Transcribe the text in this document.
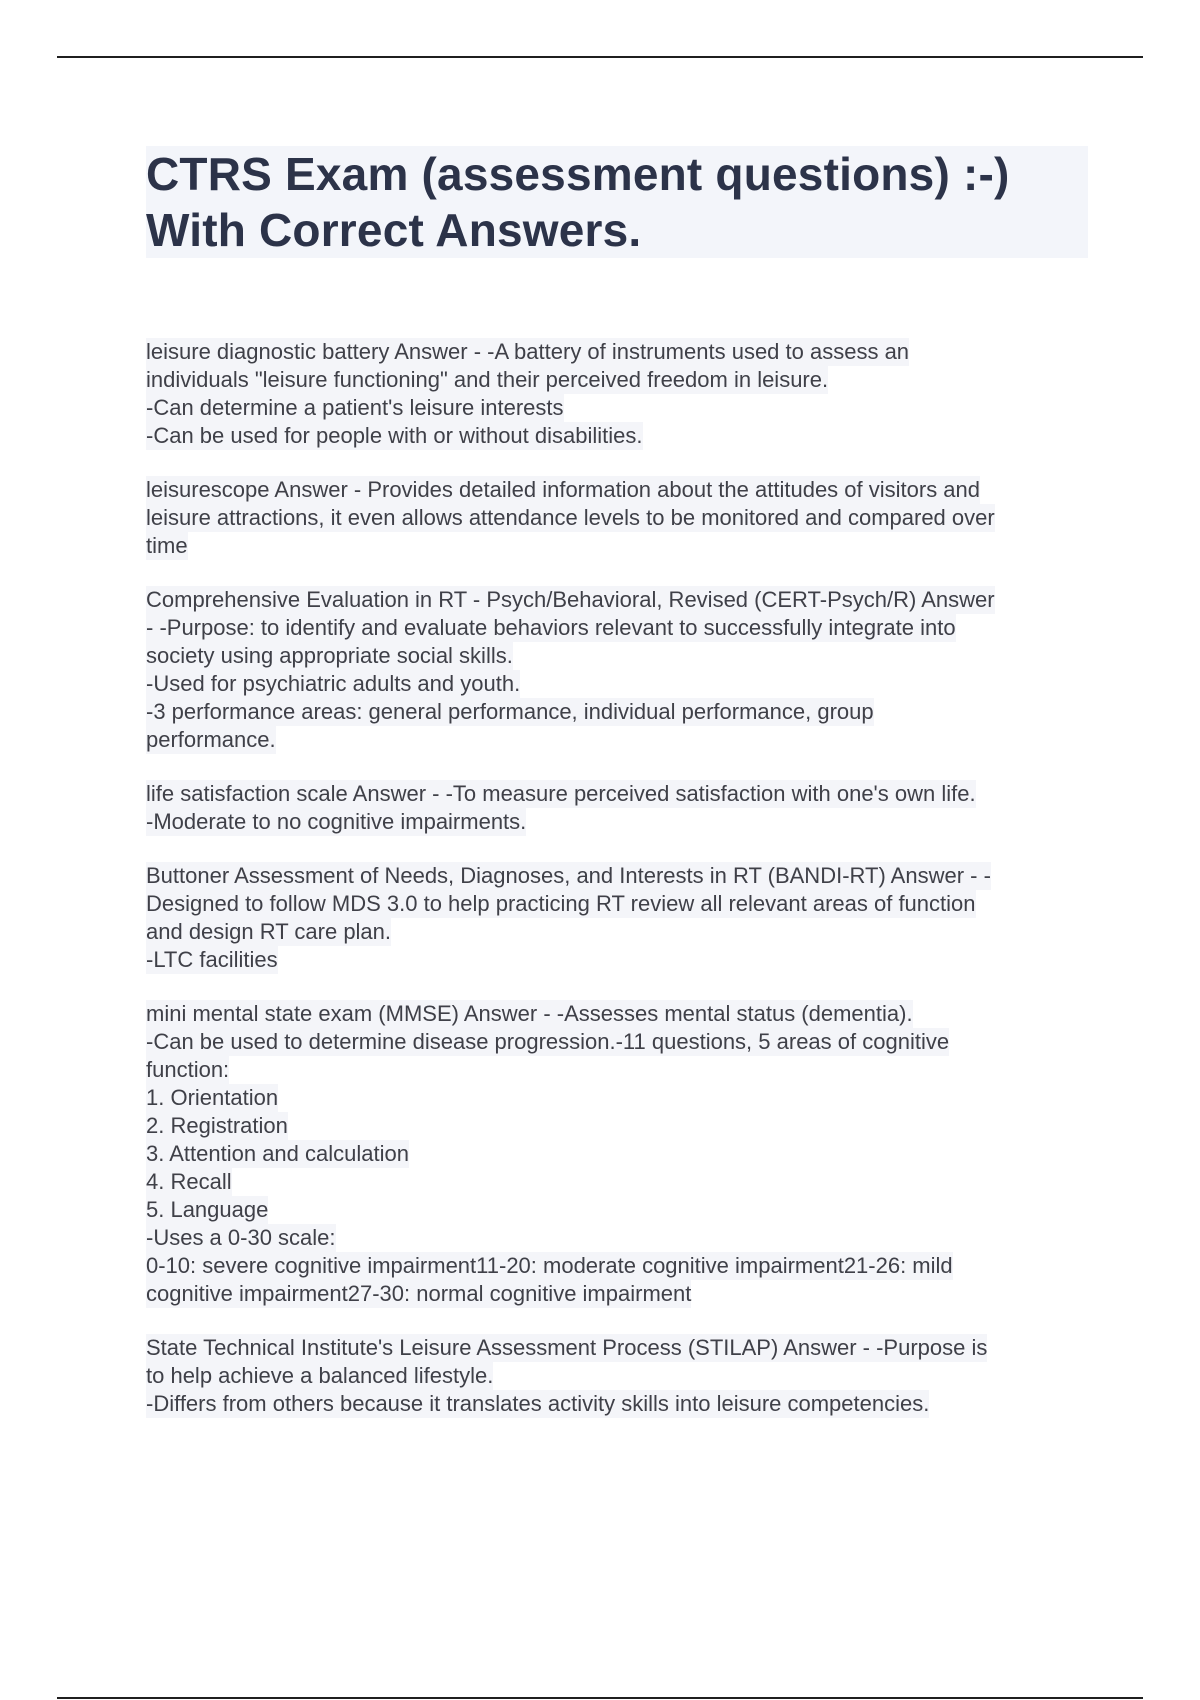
CTRS Exam (assessment questions) :-)
With Correct Answers.
leisure diagnostic battery Answer - -A battery of instruments used to assess an
individuals "leisure functioning" and their perceived freedom in leisure.
-Can determine a patient's leisure interests
-Can be used for people with or without disabilities.
leisurescope Answer - Provides detailed information about the attitudes of visitors and
leisure attractions, it even allows attendance levels to be monitored and compared over
time
Comprehensive Evaluation in RT - Psych/Behavioral, Revised (CERT-Psych/R) Answer
- -Purpose: to identify and evaluate behaviors relevant to successfully integrate into
society using appropriate social skills.
-Used for psychiatric adults and youth.
-3 performance areas: general performance, individual performance, group
performance.
life satisfaction scale Answer - -To measure perceived satisfaction with one's own life.
-Moderate to no cognitive impairments.
Buttoner Assessment of Needs, Diagnoses, and Interests in RT (BANDI-RT) Answer - -
Designed to follow MDS 3.0 to help practicing RT review all relevant areas of function
and design RT care plan.
-LTC facilities
mini mental state exam (MMSE) Answer - -Assesses mental status (dementia).
-Can be used to determine disease progression.-11 questions, 5 areas of cognitive
function:
1. Orientation
2. Registration
3. Attention and calculation
4. Recall
5. Language
-Uses a 0-30 scale:
0-10: severe cognitive impairment11-20: moderate cognitive impairment21-26: mild
cognitive impairment27-30: normal cognitive impairment
State Technical Institute's Leisure Assessment Process (STILAP) Answer - -Purpose is
to help achieve a balanced lifestyle.
-Differs from others because it translates activity skills into leisure competencies.
